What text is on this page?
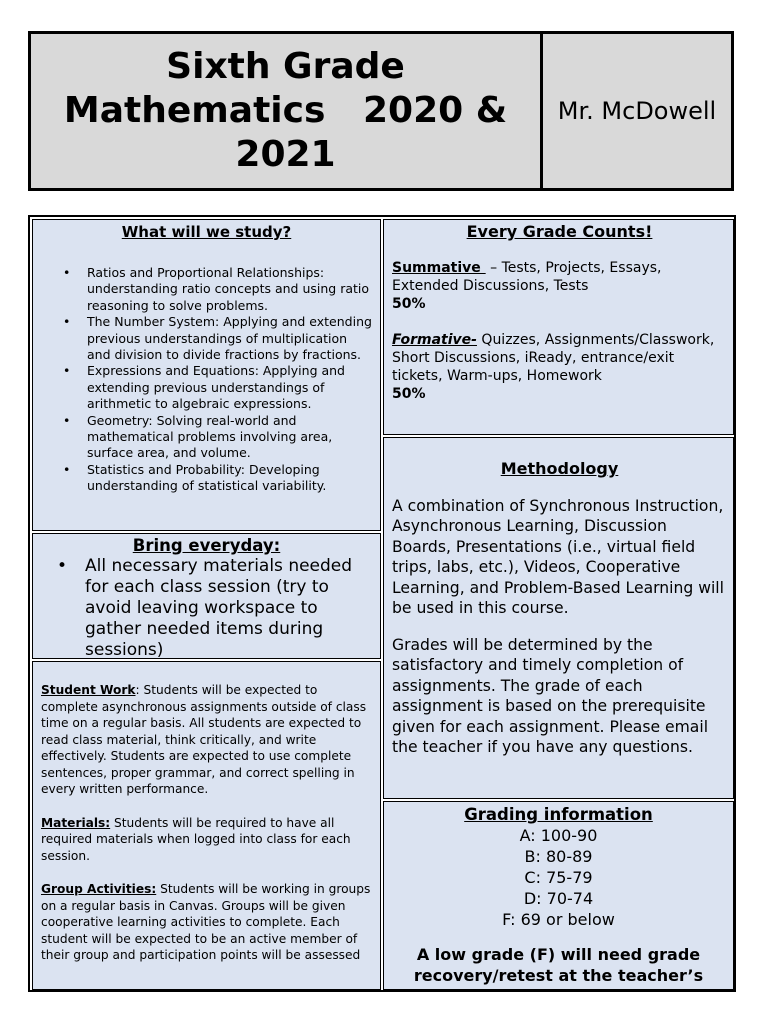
Sixth Grade
Mathematics   2020 &
2021
Mr. McDowell
What will we study?
• Ratios and Proportional Relationships: understanding ratio concepts and using ratio reasoning to solve problems.
• The Number System: Applying and extending previous understandings of multiplication and division to divide fractions by fractions.
• Expressions and Equations: Applying and extending previous understandings of arithmetic to algebraic expressions.
• Geometry: Solving real-world and mathematical problems involving area, surface area, and volume.
• Statistics and Probability: Developing understanding of statistical variability.
Bring everyday:
• All necessary materials needed for each class session (try to avoid leaving workspace to gather needed items during sessions)

Student Work: Students will be expected to complete asynchronous assignments outside of class time on a regular basis. All students are expected to read class material, think critically, and write effectively. Students are expected to use complete sentences, proper grammar, and correct spelling in every written performance.

Materials: Students will be required to have all required materials when logged into class for each session.

Group Activities: Students will be working in groups on a regular basis in Canvas. Groups will be given cooperative learning activities to complete. Each student will be expected to be an active member of their group and participation points will be assessed

Every Grade Counts!

Summative  – Tests, Projects, Essays, Extended Discussions, Tests
50%

Formative- Quizzes, Assignments/Classwork, Short Discussions, iReady, entrance/exit tickets, Warm-ups, Homework
50%

Methodology

A combination of Synchronous Instruction, Asynchronous Learning, Discussion Boards, Presentations (i.e., virtual field trips, labs, etc.), Videos, Cooperative Learning, and Problem-Based Learning will be used in this course.

Grades will be determined by the satisfactory and timely completion of assignments. The grade of each assignment is based on the prerequisite given for each assignment. Please email the teacher if you have any questions.

Grading information
A: 100-90
B: 80-89
C: 75-79
D: 70-74
F: 69 or below
A low grade (F) will need grade recovery/retest at the teacher’s
